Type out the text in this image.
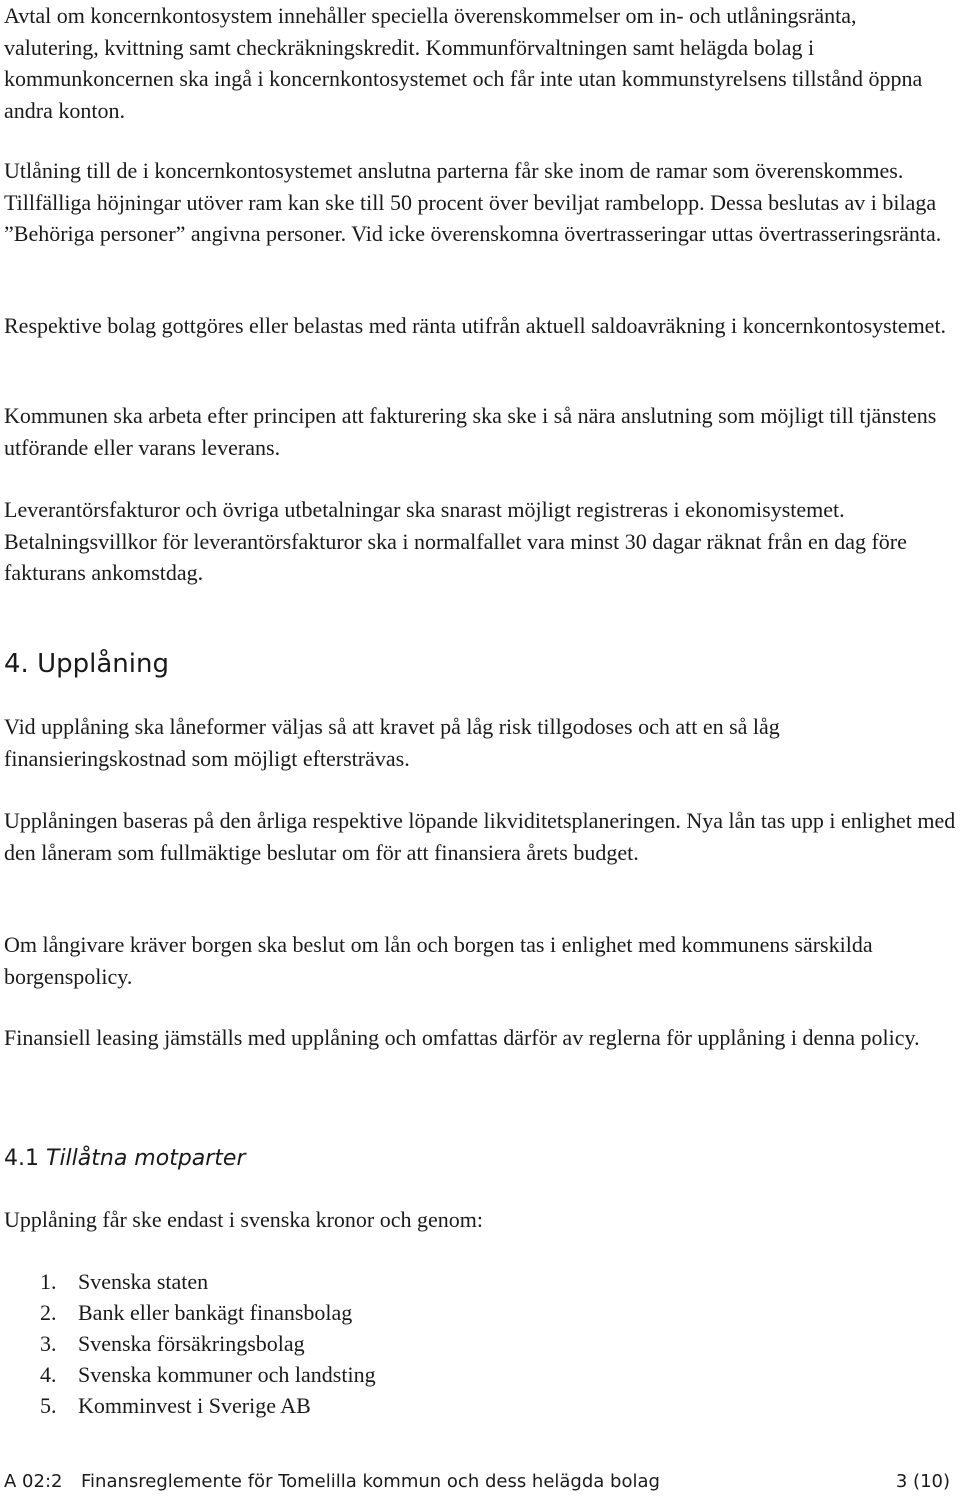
Avtal om koncernkontosystem innehåller speciella överenskommelser om in- och utlåningsränta, valutering, kvittning samt checkräkningskredit. Kommunförvaltningen samt helägda bolag i kommunkoncernen ska ingå i koncernkontosystemet och får inte utan kommunstyrelsens tillstånd öppna andra konton.

Utlåning till de i koncernkontosystemet anslutna parterna får ske inom de ramar som överenskommes. Tillfälliga höjningar utöver ram kan ske till 50 procent över beviljat rambelopp. Dessa beslutas av i bilaga ”Behöriga personer” angivna personer. Vid icke överenskomna övertrasseringar uttas övertrasseringsränta.

Respektive bolag gottgöres eller belastas med ränta utifrån aktuell saldoavräkning i koncernkontosystemet.

Kommunen ska arbeta efter principen att fakturering ska ske i så nära anslutning som möjligt till tjänstens utförande eller varans leverans.

Leverantörsfakturor och övriga utbetalningar ska snarast möjligt registreras i ekonomisystemet. Betalningsvillkor för leverantörsfakturor ska i normalfallet vara minst 30 dagar räknat från en dag före fakturans ankomstdag.

4. Upplåning

Vid upplåning ska låneformer väljas så att kravet på låg risk tillgodoses och att en så låg finansieringskostnad som möjligt eftersträvas.

Upplåningen baseras på den årliga respektive löpande likviditetsplaneringen. Nya lån tas upp i enlighet med den låneram som fullmäktige beslutar om för att finansiera årets budget.

Om långivare kräver borgen ska beslut om lån och borgen tas i enlighet med kommunens särskilda borgenspolicy.

Finansiell leasing jämställs med upplåning och omfattas därför av reglerna för upplåning i denna policy.

4.1 Tillåtna motparter

Upplåning får ske endast i svenska kronor och genom:

1. Svenska staten
2. Bank eller bankägt finansbolag
3. Svenska försäkringsbolag
4. Svenska kommuner och landsting
5. Komminvest i Sverige AB
A 02:2 Finansreglemente för Tomelilla kommun och dess helägda bolag	3 (10)
